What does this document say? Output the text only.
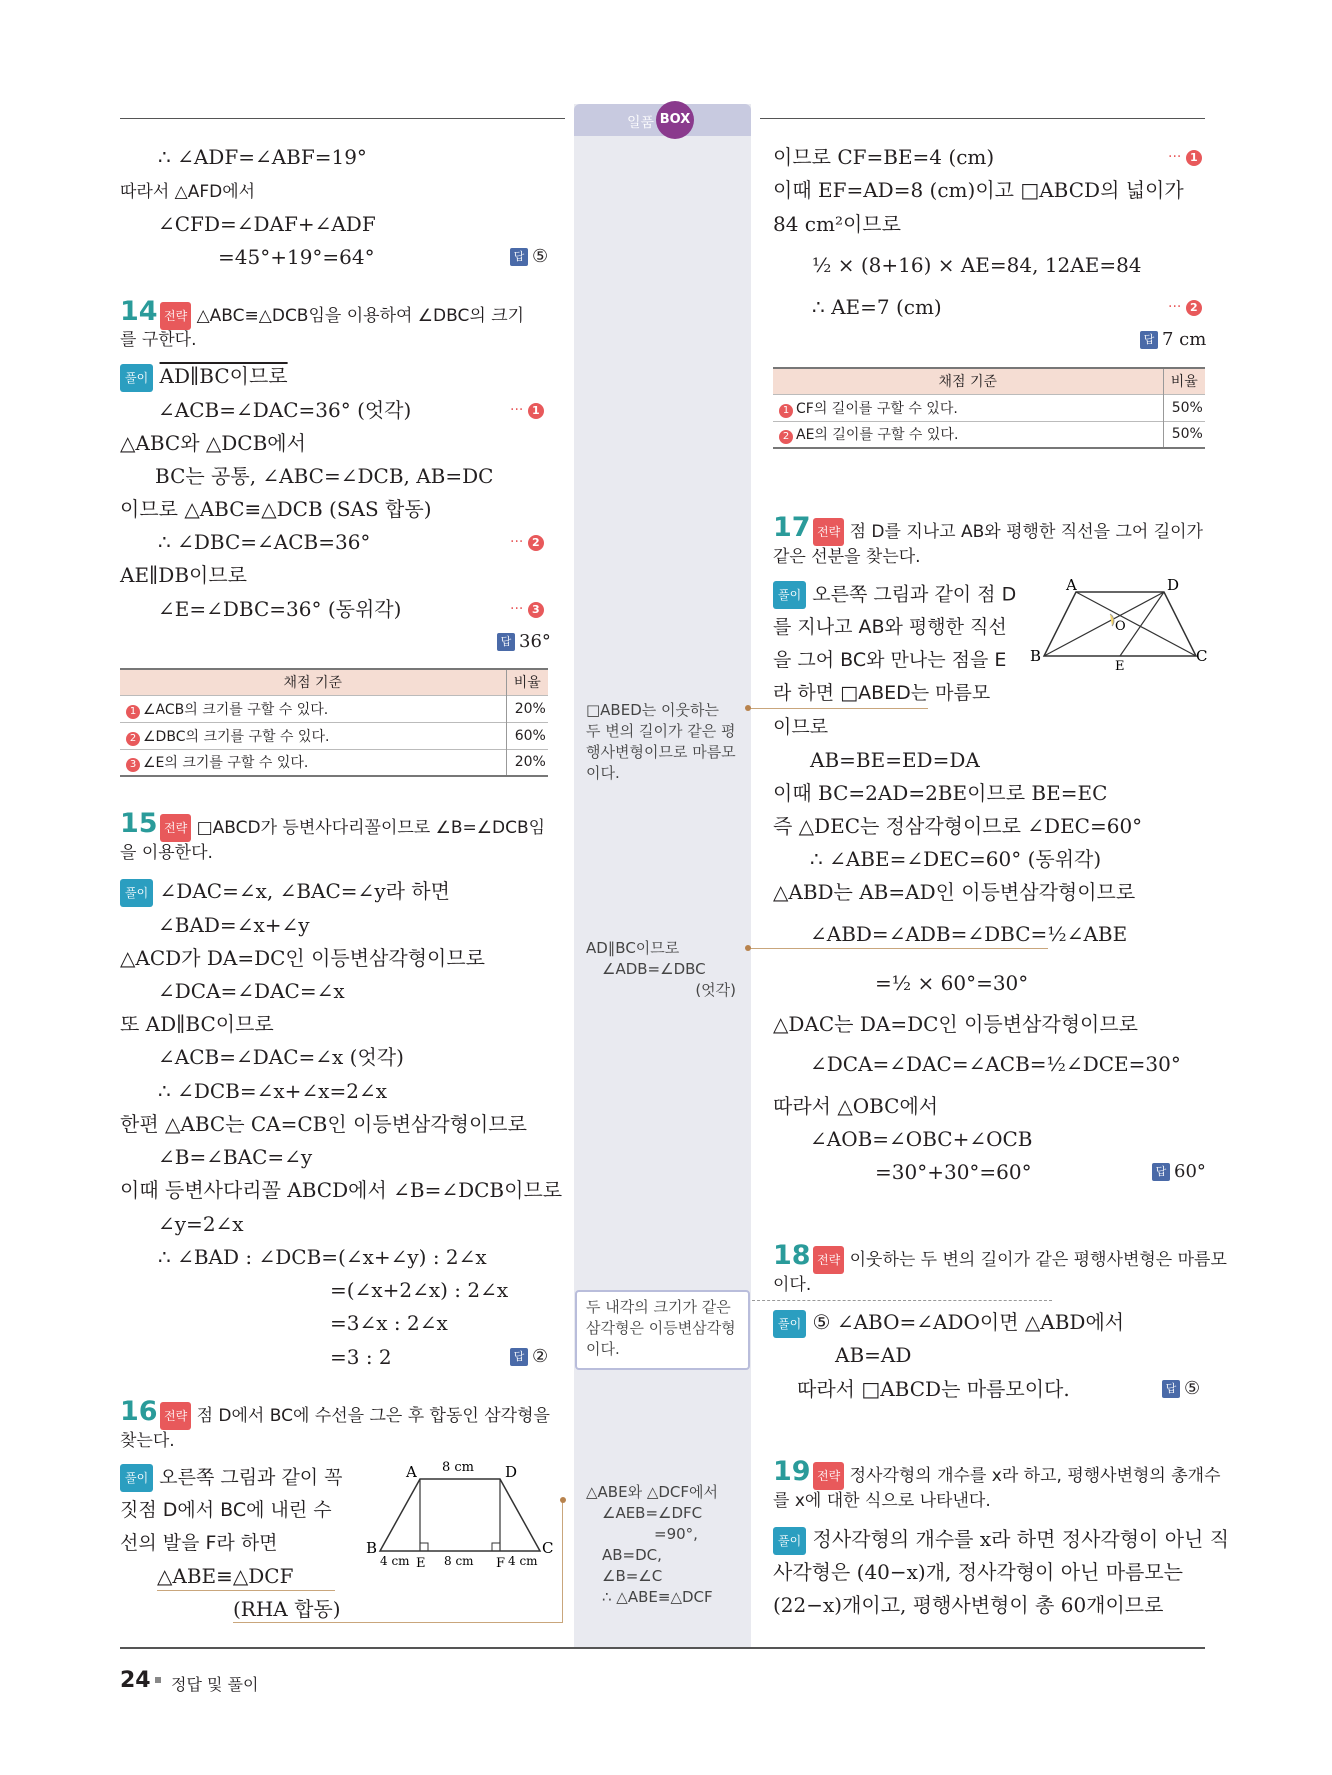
일품 BOX
∴ ∠ADF=∠ABF=19°
따라서 △AFD에서
∠CFD=∠DAF+∠ADF
=45°+19°=64°	답 ⑤
14 전략 △ABC≡△DCB임을 이용하여 ∠DBC의 크기
를 구한다.
풀이 AD∥BC이므로
∠ACB=∠DAC=36° (엇각)	··· 1
△ABC와 △DCB에서
BC는 공통, ∠ABC=∠DCB, AB=DC
이므로 △ABC≡△DCB (SAS 합동)
∴ ∠DBC=∠ACB=36°	··· 2
AE∥DB이므로
∠E=∠DBC=36° (동위각)	··· 3
답 36°
채점 기준	비율
1 ∠ACB의 크기를 구할 수 있다.	20%
2 ∠DBC의 크기를 구할 수 있다.	60%
3 ∠E의 크기를 구할 수 있다.	20%
15 전략 □ABCD가 등변사다리꼴이므로 ∠B=∠DCB임
을 이용한다.
풀이 ∠DAC=∠x, ∠BAC=∠y라 하면
∠BAD=∠x+∠y
△ACD가 DA=DC인 이등변삼각형이므로
∠DCA=∠DAC=∠x
또 AD∥BC이므로
∠ACB=∠DAC=∠x (엇각)
∴ ∠DCB=∠x+∠x=2∠x
한편 △ABC는 CA=CB인 이등변삼각형이므로
∠B=∠BAC=∠y
이때 등변사다리꼴 ABCD에서 ∠B=∠DCB이므로
∠y=2∠x
∴ ∠BAD : ∠DCB=(∠x+∠y) : 2∠x
=(∠x+2∠x) : 2∠x
=3∠x : 2∠x
=3 : 2	답 ②
16 전략 점 D에서 BC에 수선을 그은 후 합동인 삼각형을
찾는다.
풀이 오른쪽 그림과 같이 꼭
짓점 D에서 BC에 내린 수
선의 발을 F라 하면
△ABE≡△DCF
(RHA 합동)
A	D
B	C
E	F
8 cm
4 cm	8 cm	4 cm
□ABED는 이웃하는
두 변의 길이가 같은 평
행사변형이므로 마름모
이다.
AD∥BC이므로
∠ADB=∠DBC
(엇각)
두 내각의 크기가 같은
삼각형은 이등변삼각형
이다.
△ABE와 △DCF에서
∠AEB=∠DFC
=90°,
AB=DC,
∠B=∠C
∴ △ABE≡△DCF
이므로 CF=BE=4 (cm)	··· 1
이때 EF=AD=8 (cm)이고 □ABCD의 넓이가
84 cm²이므로
½ × (8+16) × AE=84, 12AE=84
∴ AE=7 (cm)	··· 2
답 7 cm
채점 기준	비율
1 CF의 길이를 구할 수 있다.	50%
2 AE의 길이를 구할 수 있다.	50%
17 전략 점 D를 지나고 AB와 평행한 직선을 그어 길이가
같은 선분을 찾는다.
풀이 오른쪽 그림과 같이 점 D
를 지나고 AB와 평행한 직선
을 그어 BC와 만나는 점을 E
라 하면 □ABED는 마름모
이므로
AB=BE=ED=DA
이때 BC=2AD=2BE이므로 BE=EC
즉 △DEC는 정삼각형이므로 ∠DEC=60°
∴ ∠ABE=∠DEC=60° (동위각)
△ABD는 AB=AD인 이등변삼각형이므로
∠ABD=∠ADB=∠DBC=½∠ABE
=½ × 60°=30°
△DAC는 DA=DC인 이등변삼각형이므로
∠DCA=∠DAC=∠ACB=½∠DCE=30°
따라서 △OBC에서
∠AOB=∠OBC+∠OCB
=30°+30°=60°	답 60°
A	D
B	C
E
O
18 전략 이웃하는 두 변의 길이가 같은 평행사변형은 마름모
이다.
풀이 ⑤ ∠ABO=∠ADO이면 △ABD에서
AB=AD
따라서 □ABCD는 마름모이다.	답 ⑤
19 전략 정사각형의 개수를 x라 하고, 평행사변형의 총개수
를 x에 대한 식으로 나타낸다.
풀이 정사각형의 개수를 x라 하면 정사각형이 아닌 직
사각형은 (40−x)개, 정사각형이 아닌 마름모는
(22−x)개이고, 평행사변형이 총 60개이므로
24 정답 및 풀이
